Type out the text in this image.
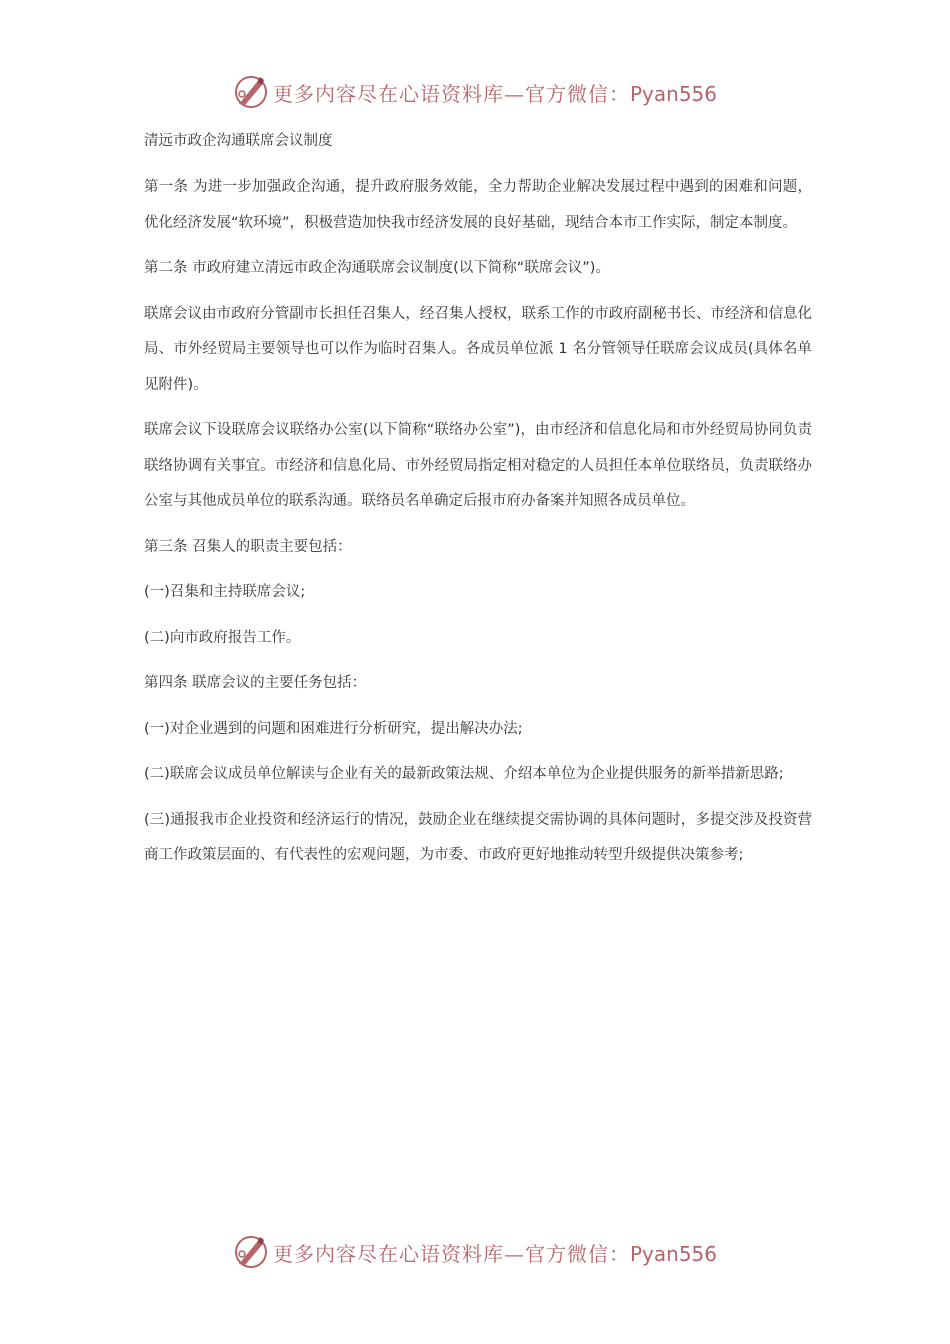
更多内容尽在心语资料库—官方微信：Pyan556
清远市政企沟通联席会议制度

第一条 为进一步加强政企沟通，提升政府服务效能，全力帮助企业解决发展过程中遇到的困难和问题，优化经济发展“软环境”，积极营造加快我市经济发展的良好基础，现结合本市工作实际，制定本制度。

第二条 市政府建立清远市政企沟通联席会议制度(以下简称“联席会议”)。

联席会议由市政府分管副市长担任召集人，经召集人授权，联系工作的市政府副秘书长、市经济和信息化局、市外经贸局主要领导也可以作为临时召集人。各成员单位派 1 名分管领导任联席会议成员(具体名单见附件)。

联席会议下设联席会议联络办公室(以下简称“联络办公室”)，由市经济和信息化局和市外经贸局协同负责联络协调有关事宜。市经济和信息化局、市外经贸局指定相对稳定的人员担任本单位联络员，负责联络办公室与其他成员单位的联系沟通。联络员名单确定后报市府办备案并知照各成员单位。

第三条 召集人的职责主要包括：

(一)召集和主持联席会议;

(二)向市政府报告工作。

第四条 联席会议的主要任务包括：

(一)对企业遇到的问题和困难进行分析研究，提出解决办法;

(二)联席会议成员单位解读与企业有关的最新政策法规、介绍本单位为企业提供服务的新举措新思路;

(三)通报我市企业投资和经济运行的情况，鼓励企业在继续提交需协调的具体问题时，多提交涉及投资营商工作政策层面的、有代表性的宏观问题，为市委、市政府更好地推动转型升级提供决策参考;

更多内容尽在心语资料库—官方微信：Pyan556
